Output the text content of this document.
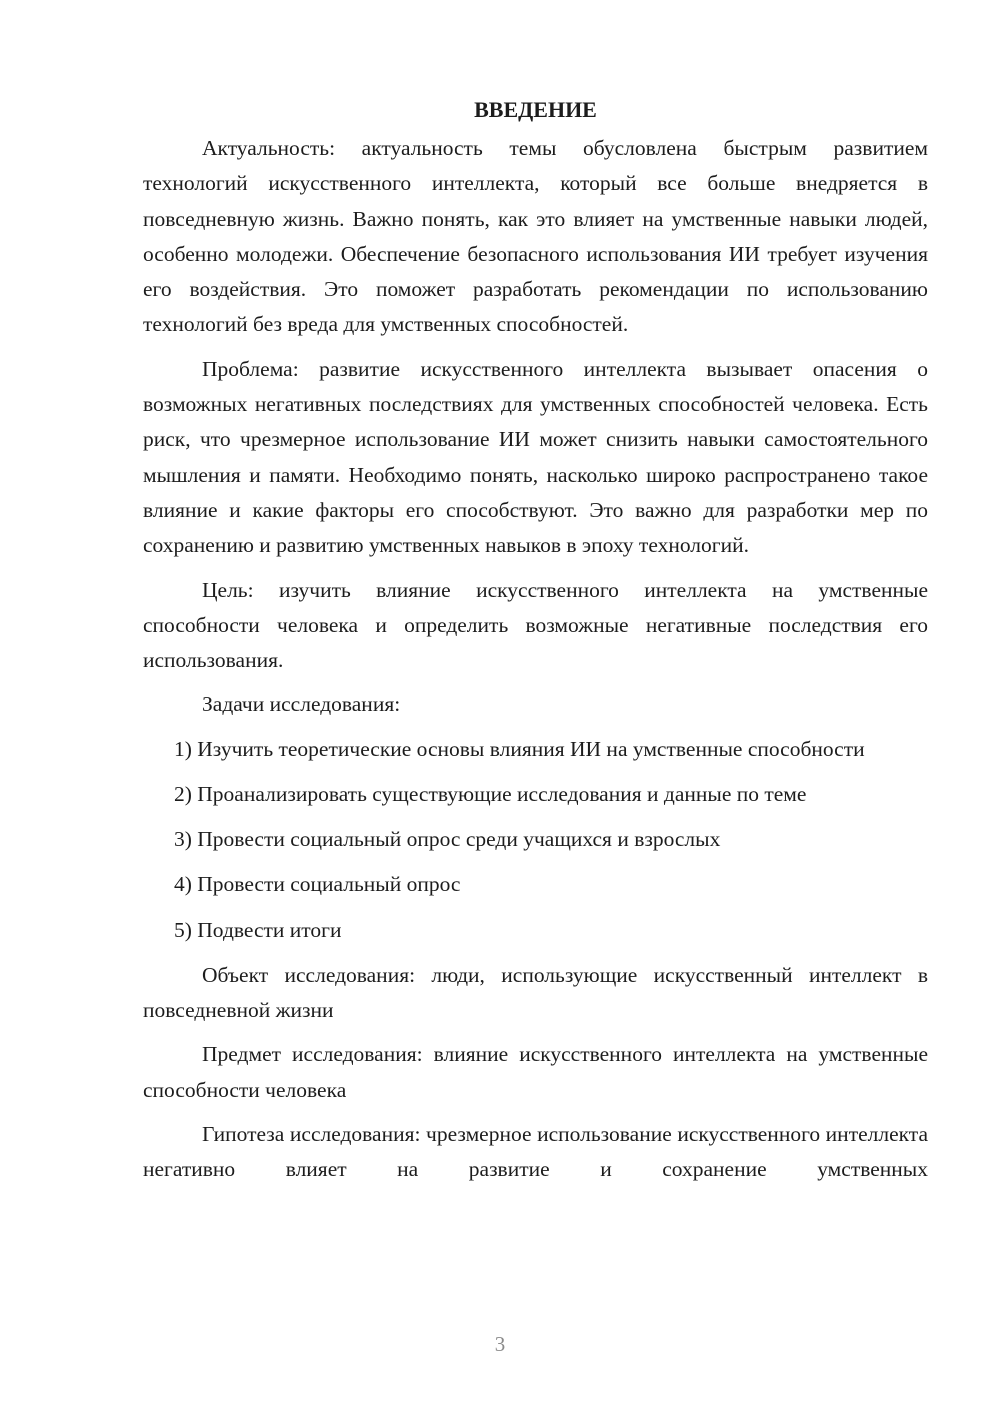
ВВЕДЕНИЕ

Актуальность: актуальность темы обусловлена быстрым развитием технологий искусственного интеллекта, который все больше внедряется в повседневную жизнь. Важно понять, как это влияет на умственные навыки людей, особенно молодежи. Обеспечение безопасного использования ИИ требует изучения его воздействия. Это поможет разработать рекомендации по использованию технологий без вреда для умственных способностей.

Проблема: развитие искусственного интеллекта вызывает опасения о возможных негативных последствиях для умственных способностей человека. Есть риск, что чрезмерное использование ИИ может снизить навыки самостоятельного мышления и памяти. Необходимо понять, насколько широко распространено такое влияние и какие факторы его способствуют. Это важно для разработки мер по сохранению и развитию умственных навыков в эпоху технологий.

Цель: изучить влияние искусственного интеллекта на умственные способности человека и определить возможные негативные последствия его использования.

Задачи исследования:

1) Изучить теоретические основы влияния ИИ на умственные способности

2) Проанализировать существующие исследования и данные по теме

3) Провести социальный опрос среди учащихся и взрослых

4) Провести социальный опрос

5) Подвести итоги

Объект исследования: люди, использующие искусственный интеллект в повседневной жизни

Предмет исследования: влияние искусственного интеллекта на умственные способности человека

Гипотеза исследования: чрезмерное использование искусственного интеллекта негативно влияет на развитие и сохранение умственных

3
